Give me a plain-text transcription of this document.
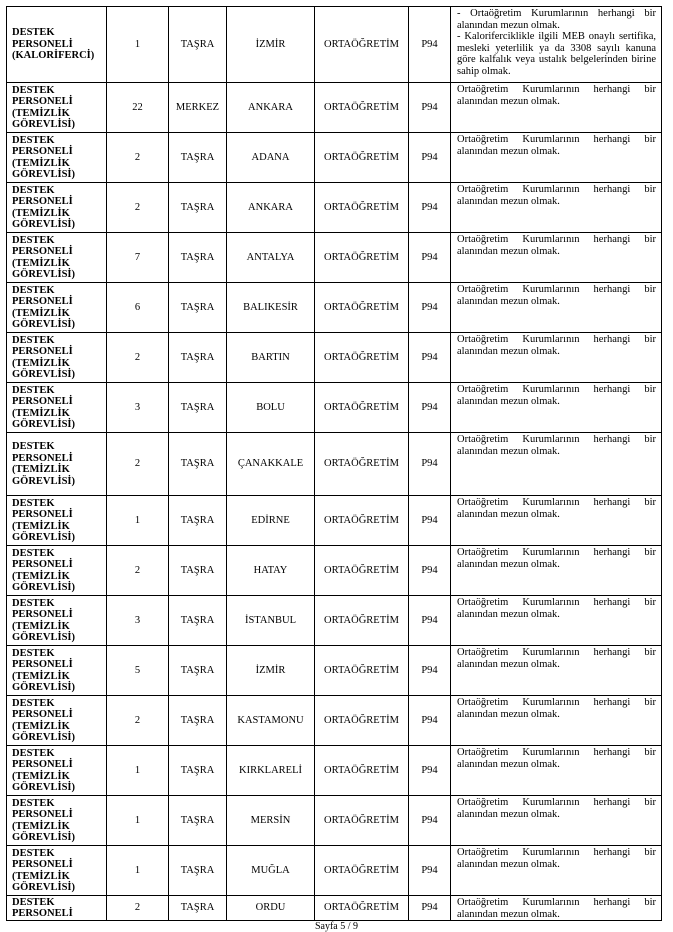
DESTEK PERSONELİ (KALORİFERCİ)	1	TAŞRA	İZMİR	ORTAÖĞRETİM	P94	- Ortaöğretim Kurumlarının herhangi bir alanından mezun olmak.
- Kaloriferciklikle ilgili MEB onaylı sertifika, mesleki yeterlilik ya da 3308 sayılı kanuna göre kalfalık veya ustalık belgelerinden birine sahip olmak.

DESTEK PERSONELİ (TEMİZLİK GÖREVLİSİ)	22	MERKEZ	ANKARA	ORTAÖĞRETİM	P94	Ortaöğretim Kurumlarının herhangi bir alanından mezun olmak.

DESTEK PERSONELİ (TEMİZLİK GÖREVLİSİ)	2	TAŞRA	ADANA	ORTAÖĞRETİM	P94	Ortaöğretim Kurumlarının herhangi bir alanından mezun olmak.

DESTEK PERSONELİ (TEMİZLİK GÖREVLİSİ)	2	TAŞRA	ANKARA	ORTAÖĞRETİM	P94	Ortaöğretim Kurumlarının herhangi bir alanından mezun olmak.

DESTEK PERSONELİ (TEMİZLİK GÖREVLİSİ)	7	TAŞRA	ANTALYA	ORTAÖĞRETİM	P94	Ortaöğretim Kurumlarının herhangi bir alanından mezun olmak.

DESTEK PERSONELİ (TEMİZLİK GÖREVLİSİ)	6	TAŞRA	BALIKESİR	ORTAÖĞRETİM	P94	Ortaöğretim Kurumlarının herhangi bir alanından mezun olmak.

DESTEK PERSONELİ (TEMİZLİK GÖREVLİSİ)	2	TAŞRA	BARTIN	ORTAÖĞRETİM	P94	Ortaöğretim Kurumlarının herhangi bir alanından mezun olmak.

DESTEK PERSONELİ (TEMİZLİK GÖREVLİSİ)	3	TAŞRA	BOLU	ORTAÖĞRETİM	P94	Ortaöğretim Kurumlarının herhangi bir alanından mezun olmak.

DESTEK PERSONELİ (TEMİZLİK GÖREVLİSİ)	2	TAŞRA	ÇANAKKALE	ORTAÖĞRETİM	P94	Ortaöğretim Kurumlarının herhangi bir alanından mezun olmak.

DESTEK PERSONELİ (TEMİZLİK GÖREVLİSİ)	1	TAŞRA	EDİRNE	ORTAÖĞRETİM	P94	Ortaöğretim Kurumlarının herhangi bir alanından mezun olmak.

DESTEK PERSONELİ (TEMİZLİK GÖREVLİSİ)	2	TAŞRA	HATAY	ORTAÖĞRETİM	P94	Ortaöğretim Kurumlarının herhangi bir alanından mezun olmak.

DESTEK PERSONELİ (TEMİZLİK GÖREVLİSİ)	3	TAŞRA	İSTANBUL	ORTAÖĞRETİM	P94	Ortaöğretim Kurumlarının herhangi bir alanından mezun olmak.

DESTEK PERSONELİ (TEMİZLİK GÖREVLİSİ)	5	TAŞRA	İZMİR	ORTAÖĞRETİM	P94	Ortaöğretim Kurumlarının herhangi bir alanından mezun olmak.

DESTEK PERSONELİ (TEMİZLİK GÖREVLİSİ)	2	TAŞRA	KASTAMONU	ORTAÖĞRETİM	P94	Ortaöğretim Kurumlarının herhangi bir alanından mezun olmak.

DESTEK PERSONELİ (TEMİZLİK GÖREVLİSİ)	1	TAŞRA	KIRKLARELİ	ORTAÖĞRETİM	P94	Ortaöğretim Kurumlarının herhangi bir alanından mezun olmak.

DESTEK PERSONELİ (TEMİZLİK GÖREVLİSİ)	1	TAŞRA	MERSİN	ORTAÖĞRETİM	P94	Ortaöğretim Kurumlarının herhangi bir alanından mezun olmak.

DESTEK PERSONELİ (TEMİZLİK GÖREVLİSİ)	1	TAŞRA	MUĞLA	ORTAÖĞRETİM	P94	Ortaöğretim Kurumlarının herhangi bir alanından mezun olmak.

DESTEK PERSONELİ	2	TAŞRA	ORDU	ORTAÖĞRETİM	P94	Ortaöğretim Kurumlarının herhangi bir alanından mezun olmak.
Sayfa 5 / 9
